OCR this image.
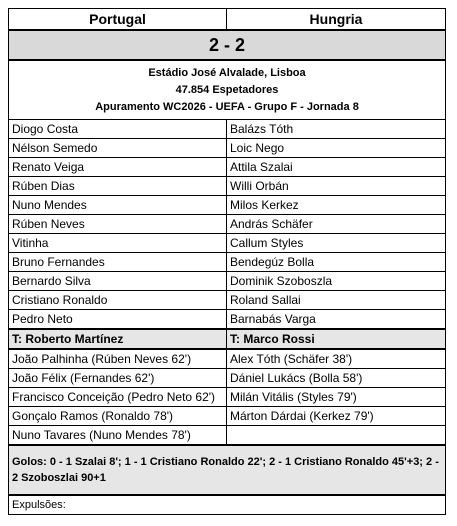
Portugal	Hungria
2 - 2	

Estádio José Alvalade, Lisboa
47.854 Espetadores
Apuramento WC2026 - UEFA - Grupo F - Jornada 8	

Diogo Costa	Balázs Tóth
Nélson Semedo	Loic Nego
Renato Veiga	Attila Szalai
Rúben Dias	Willi Orbán
Nuno Mendes	Milos Kerkez
Rúben Neves	András Schäfer
Vitinha	Callum Styles
Bruno Fernandes	Bendegúz Bolla
Bernardo Silva	Dominik Szoboszla
Cristiano Ronaldo	Roland Sallai
Pedro Neto	Barnabás Varga
T: Roberto Martínez	T: Marco Rossi
João Palhinha (Rúben Neves 62')	Alex Tóth (Schäfer 38')
João Félix (Fernandes 62')	Dániel Lukács (Bolla 58')
Francisco Conceição (Pedro Neto 62')	Milán Vitális (Styles 79')
Gonçalo Ramos (Ronaldo 78')	Márton Dárdai (Kerkez 79')
Nuno Tavares (Nuno Mendes 78')	
Golos: 0 - 1 Szalai 8'; 1 - 1 Cristiano Ronaldo 22'; 2 - 1 Cristiano Ronaldo 45'+3; 2 - 2 Szoboszlai 90+1	
Expulsões:	
